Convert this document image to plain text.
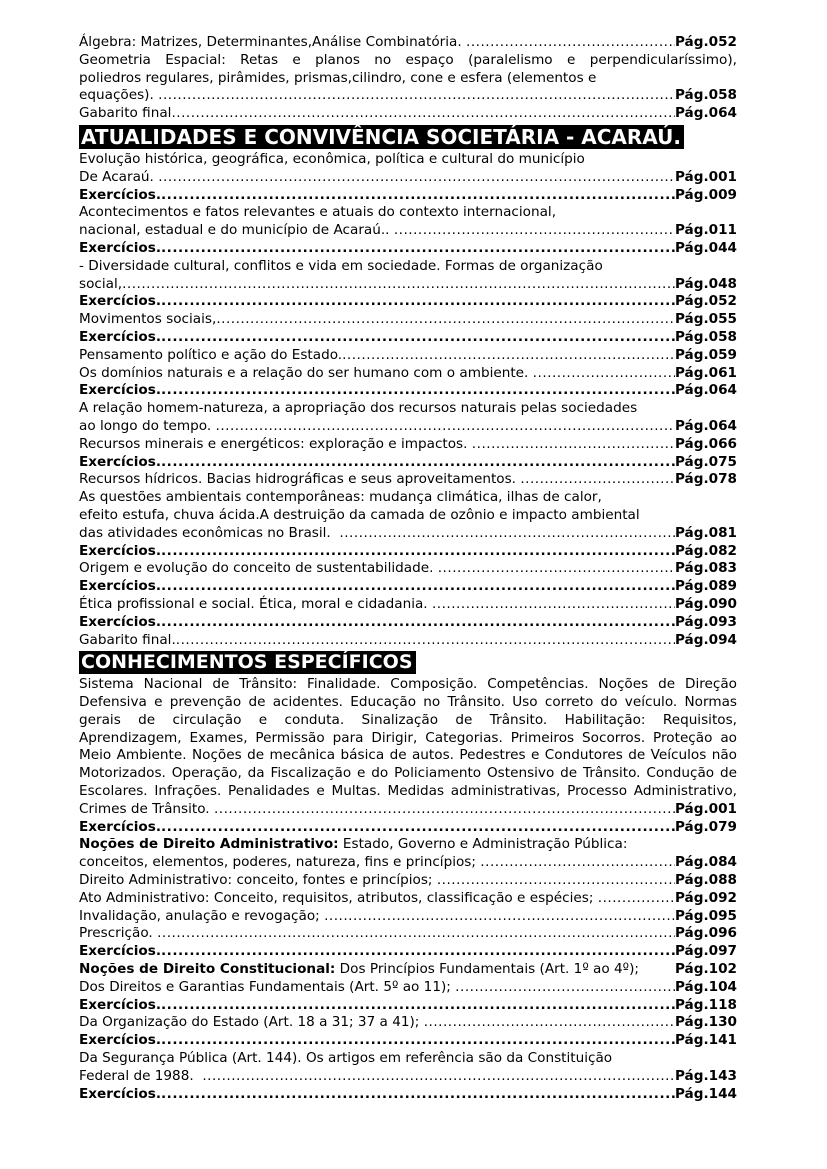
Álgebra: Matrizes, Determinantes,Análise Combinatória. .....	Pág.052
Geometria Espacial: Retas e planos no espaço (paralelismo e perpendicularíssimo),
poliedros regulares, pirâmides, prismas,cilindro, cone e esfera (elementos e
equações). .....	Pág.058
Gabarito final .....	Pág.064
ATUALIDADES E CONVIVÊNCIA SOCIETÁRIA - ACARAÚ.
Evolução histórica, geográfica, econômica, política e cultural do município
De Acaraú. .....	Pág.001
Exercícios. .....	Pág.009
Acontecimentos e fatos relevantes e atuais do contexto internacional,
nacional, estadual e do município de Acaraú.. .....	Pág.011
Exercícios. .....	Pág.044
- Diversidade cultural, conflitos e vida em sociedade. Formas de organização
social, .....	Pág.048
Exercícios. .....	Pág.052
Movimentos sociais, .....	Pág.055
Exercícios. .....	Pág.058
Pensamento político e ação do Estado. .....	Pág.059
Os domínios naturais e a relação do ser humano com o ambiente. .....	Pág.061
Exercícios. .....	Pág.064
A relação homem-natureza, a apropriação dos recursos naturais pelas sociedades
ao longo do tempo. .....	Pág.064
Recursos minerais e energéticos: exploração e impactos. .....	Pág.066
Exercícios. .....	Pág.075
Recursos hídricos. Bacias hidrográficas e seus aproveitamentos. .....	Pág.078
As questões ambientais contemporâneas: mudança climática, ilhas de calor,
efeito estufa, chuva ácida.A destruição da camada de ozônio e impacto ambiental
das atividades econômicas no Brasil. .....	Pág.081
Exercícios. .....	Pág.082
Origem e evolução do conceito de sustentabilidade. .....	Pág.083
Exercícios. .....	Pág.089
Ética profissional e social. Ética, moral e cidadania. .....	Pág.090
Exercícios. .....	Pág.093
Gabarito final. .....	Pág.094
CONHECIMENTOS ESPECÍFICOS
Sistema Nacional de Trânsito: Finalidade. Composição. Competências. Noções de Direção
Defensiva e prevenção de acidentes. Educação no Trânsito. Uso correto do veículo. Normas
gerais de circulação e conduta. Sinalização de Trânsito. Habilitação: Requisitos,
Aprendizagem, Exames, Permissão para Dirigir, Categorias. Primeiros Socorros. Proteção ao
Meio Ambiente. Noções de mecânica básica de autos. Pedestres e Condutores de Veículos não
Motorizados. Operação, da Fiscalização e do Policiamento Ostensivo de Trânsito. Condução de
Escolares. Infrações. Penalidades e Multas. Medidas administrativas, Processo Administrativo,
Crimes de Trânsito. .....	Pág.001
Exercícios. .....	Pág.079
Noções de Direito Administrativo: Estado, Governo e Administração Pública:
conceitos, elementos, poderes, natureza, fins e princípios; .....	Pág.084
Direito Administrativo: conceito, fontes e princípios; .....	Pág.088
Ato Administrativo: Conceito, requisitos, atributos, classificação e espécies; .....	Pág.092
Invalidação, anulação e revogação; .....	Pág.095
Prescrição. .....	Pág.096
Exercícios. .....	Pág.097
Noções de Direito Constitucional: Dos Princípios Fundamentais (Art. 1º ao 4º); Pág.102
Dos Direitos e Garantias Fundamentais (Art. 5º ao 11); .....	Pág.104
Exercícios. .....	Pág.118
Da Organização do Estado (Art. 18 a 31; 37 a 41); .....	Pág.130
Exercícios. .....	Pág.141
Da Segurança Pública (Art. 144). Os artigos em referência são da Constituição
Federal de 1988. .....	Pág.143
Exercícios. .....	Pág.144
